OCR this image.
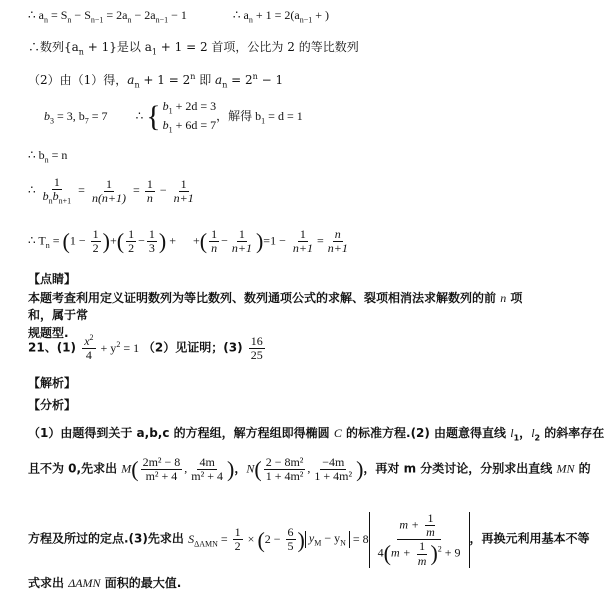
∴ $a_n = S_n - S_{n-1} = 2a_n - 2a_{n-1} - 1$	∴ $a_n + 1 = 2(a_{n-1}$ + )
∴数列$\{a_n + 1\}$是以 $a_1 + 1 = 2$ 首项，公比为 2 的等比数列
（2）由（1）得，$a_n + 1 = 2^n$ 即 $a_n = 2^n - 1$
$b_3 = 3$, $b_7 = 7$ ∴ { $b_1 + 2d = 3$
$b_1 + 6d = 7$
，解得 $b_1 = d = 1$
∴ $b_n = n$
∴ $\frac{1}{b_nb_{n+1}} = \frac{1}{n(n+1)} = \frac{1}{n} - \frac{1}{n+1}$
∴ $T_n = (1 - \frac{1}{2}$ )+( $\frac{1}{2} - \frac{1}{3}$ ) + +( $\frac{1}{n} - \frac{1}{n+1} )=1 - \frac{1}{n+1} = \frac{n}{n+1}$
【点睛】
本题考查利用定义证明数列为等比数列、数列通项公式的求解、裂项相消法求解数列的前 n 项和，属于常
规题型.
21、$(1) \frac{x^2}{4} + y^2 = 1$ （2）见证明；$(3) \frac{16}{25}$
【解析】
【分析】
（1）由题得到关于 a,b,c 的方程组，解方程组即得椭圆 C 的标准方程.(2) 由题意得直线 $l_1$，$l_2$ 的斜率存在
且不为 0,先求出 $M( \frac{\text{2m² − 8}}{\text{m² + 4}}$ , $\frac{4m}{\text{m² + 4}}$ )，$N( \frac{\text{2 − 8m²}}{\text{1 + 4m²}}$ , $\frac{-4m}{\text{1 + 4m²}}$ )，再对 m 分类讨论，分别求出直线 MN 的
方程及所过的定点.(3)先求出 $S_{\Delta AMN} = \frac{1}{2} \times (2 - \frac{6}{5}$ ) $y_M - y_N = 8 \frac{m + \frac{1}{m}}{4(m + \frac{1}{m} )^2 + 9}$ ，再换元利用基本不等
式求出 ΔAMN 面积的最大值.
